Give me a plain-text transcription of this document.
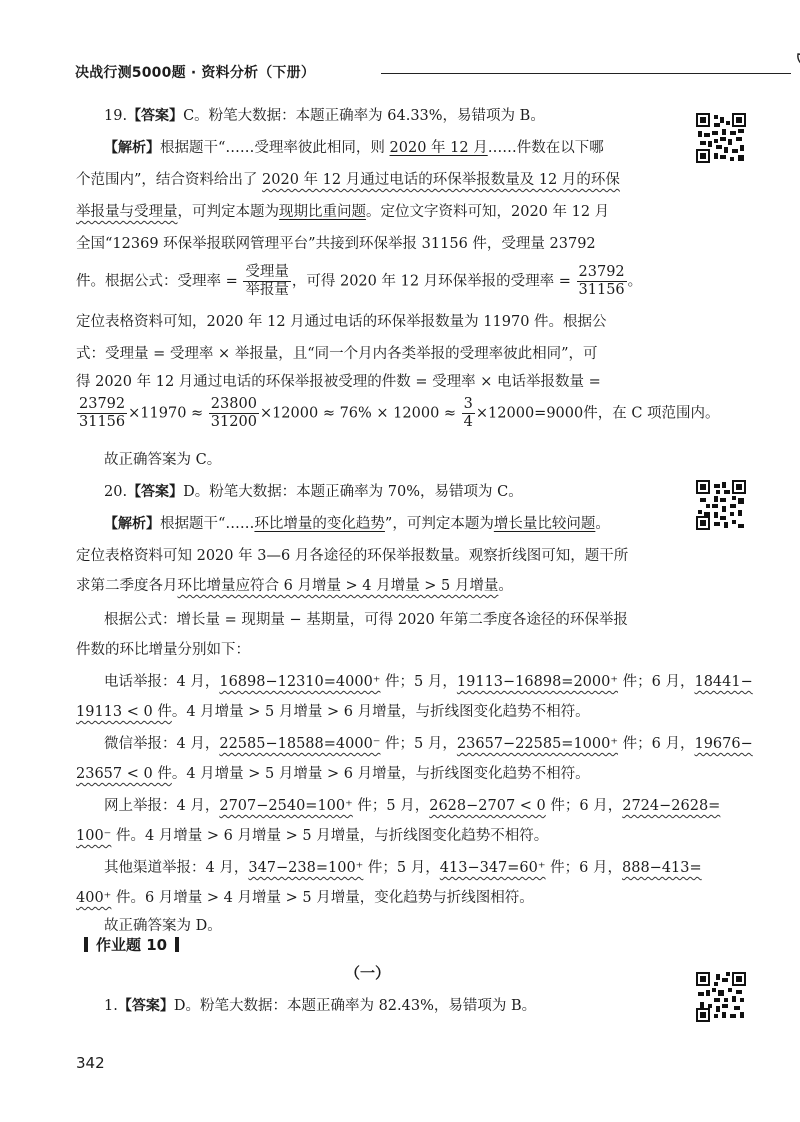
决战行测5000题 · 资料分析（下册）
19.【答案】C。粉笔大数据：本题正确率为 64.33%，易错项为 B。
【解析】根据题干“……受理率彼此相同，则 2020 年 12 月……件数在以下哪
个范围内”，结合资料给出了 2020 年 12 月通过电话的环保举报数量及 12 月的环保
举报量与受理量，可判定本题为现期比重问题。定位文字资料可知，2020 年 12 月
全国“12369 环保举报联网管理平台”共接到环保举报 31156 件，受理量 23792
件。根据公式：受理率 = $\frac{\text{受理量}}{\text{举报量}}$ ，可得 2020 年 12 月环保举报的受理率 = $\frac{23792}{31156}$ 。
定位表格资料可知，2020 年 12 月通过电话的环保举报数量为 11970 件。根据公
式：受理量 = 受理率 × 举报量，且“同一个月内各类举报的受理率彼此相同”，可
得 2020 年 12 月通过电话的环保举报被受理的件数 = 受理率 × 电话举报数量 =
$\frac{23792}{31156} \times 11970 \approx \frac{23800}{31200} \times 12000 \approx 76\% \times 12000 \approx \frac{3}{4} \times 12000=9000$件，在 C 项范围内。
故正确答案为 C。
20.【答案】D。粉笔大数据：本题正确率为 70%，易错项为 C。
【解析】根据题干“……环比增量的变化趋势”，可判定本题为增长量比较问题。
定位表格资料可知 2020 年 3—6 月各途径的环保举报数量。观察折线图可知，题干所
求第二季度各月环比增量应符合 6 月增量 > 4 月增量 > 5 月增量。
根据公式：增长量 = 现期量 − 基期量，可得 2020 年第二季度各途径的环保举报
件数的环比增量分别如下：
电话举报：4 月，16898−12310=4000⁺ 件；5 月，19113−16898=2000⁺ 件；6 月，18441−
19113 < 0 件。4 月增量 > 5 月增量 > 6 月增量，与折线图变化趋势不相符。
微信举报：4 月，22585−18588=4000⁻ 件；5 月，23657−22585=1000⁺ 件；6 月，19676−
23657 < 0 件。4 月增量 > 5 月增量 > 6 月增量，与折线图变化趋势不相符。
网上举报：4 月，2707−2540=100⁺ 件；5 月，2628−2707 < 0 件；6 月，2724−2628=
100⁻ 件。4 月增量 > 6 月增量 > 5 月增量，与折线图变化趋势不相符。
其他渠道举报：4 月，347−238=100⁺ 件；5 月，413−347=60⁺ 件；6 月，888−413=
400⁺ 件。6 月增量 > 4 月增量 > 5 月增量，变化趋势与折线图相符。
故正确答案为 D。
作业题 10
（一）
1.【答案】D。粉笔大数据：本题正确率为 82.43%，易错项为 B。
342
